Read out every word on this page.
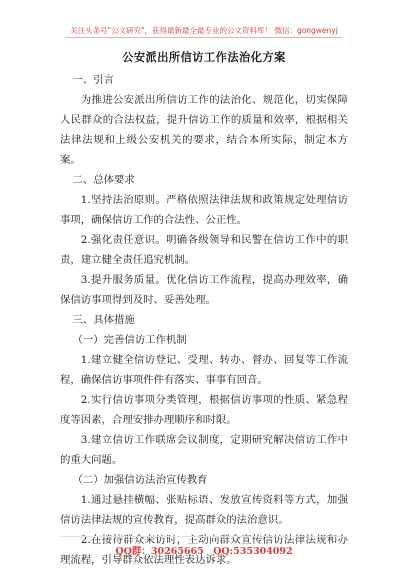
关注头条号"公文研究"，获得最新最全最专业的公文资料库！ 微信：gongwenyj
公安派出所信访工作法治化方案

一、引言

为推进公安派出所信访工作的法治化、规范化，切实保障人民群众的合法权益，提升信访工作的质量和效率，根据相关法律法规和上级公安机关的要求，结合本所实际，制定本方案。

二、总体要求

1.坚持法治原则。严格依照法律法规和政策规定处理信访事项，确保信访工作的合法性、公正性。

2.强化责任意识。明确各级领导和民警在信访工作中的职责，建立健全责任追究机制。

3.提升服务质量。优化信访工作流程，提高办理效率，确保信访事项得到及时、妥善处理。

三、具体措施

（一）完善信访工作机制

1.建立健全信访登记、受理、转办、督办、回复等工作流程，确保信访事项件件有落实、事事有回音。

2.实行信访事项分类管理，根据信访事项的性质、紧急程度等因素，合理安排办理顺序和时限。

3.建立信访工作联席会议制度，定期研究解决信访工作中的重大问题。

（二）加强信访法治宣传教育

1.通过悬挂横幅、张贴标语、发放宣传资料等方式，加强信访法律法规的宣传教育，提高群众的法治意识。

2.在接待群众来访时，主动向群众宣传信访法律法规和办理流程，引导群众依法理性表达诉求。

QQ群：30265665 QQ:535304092
